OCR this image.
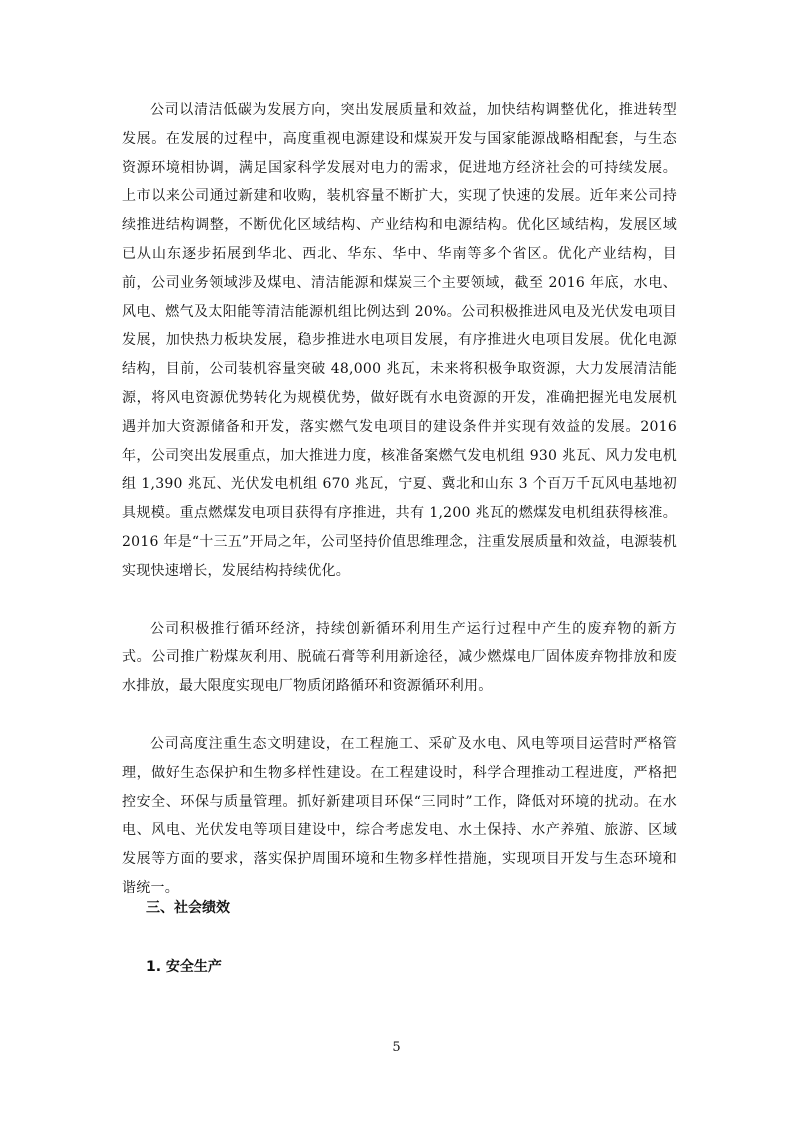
公司以清洁低碳为发展方向，突出发展质量和效益，加快结构调整优化，推进转型发展。在发展的过程中，高度重视电源建设和煤炭开发与国家能源战略相配套，与生态资源环境相协调，满足国家科学发展对电力的需求，促进地方经济社会的可持续发展。上市以来公司通过新建和收购，装机容量不断扩大，实现了快速的发展。近年来公司持续推进结构调整，不断优化区域结构、产业结构和电源结构。优化区域结构，发展区域已从山东逐步拓展到华北、西北、华东、华中、华南等多个省区。优化产业结构，目前，公司业务领域涉及煤电、清洁能源和煤炭三个主要领域，截至 2016 年底，水电、风电、燃气及太阳能等清洁能源机组比例达到 20%。公司积极推进风电及光伏发电项目发展，加快热力板块发展，稳步推进水电项目发展，有序推进火电项目发展。优化电源结构，目前，公司装机容量突破 48,000 兆瓦，未来将积极争取资源，大力发展清洁能源，将风电资源优势转化为规模优势，做好既有水电资源的开发，准确把握光电发展机遇并加大资源储备和开发，落实燃气发电项目的建设条件并实现有效益的发展。2016 年，公司突出发展重点，加大推进力度，核准备案燃气发电机组 930 兆瓦、风力发电机组 1,390 兆瓦、光伏发电机组 670 兆瓦，宁夏、冀北和山东 3 个百万千瓦风电基地初具规模。重点燃煤发电项目获得有序推进，共有 1,200 兆瓦的燃煤发电机组获得核准。2016 年是“十三五”开局之年，公司坚持价值思维理念，注重发展质量和效益，电源装机实现快速增长，发展结构持续优化。

公司积极推行循环经济，持续创新循环利用生产运行过程中产生的废弃物的新方式。公司推广粉煤灰利用、脱硫石膏等利用新途径，减少燃煤电厂固体废弃物排放和废水排放，最大限度实现电厂物质闭路循环和资源循环利用。

公司高度注重生态文明建设，在工程施工、采矿及水电、风电等项目运营时严格管理，做好生态保护和生物多样性建设。在工程建设时，科学合理推动工程进度，严格把控安全、环保与质量管理。抓好新建项目环保“三同时”工作，降低对环境的扰动。在水电、风电、光伏发电等项目建设中，综合考虑发电、水土保持、水产养殖、旅游、区域发展等方面的要求，落实保护周围环境和生物多样性措施，实现项目开发与生态环境和谐统一。

三、社会绩效
1. 安全生产
5
